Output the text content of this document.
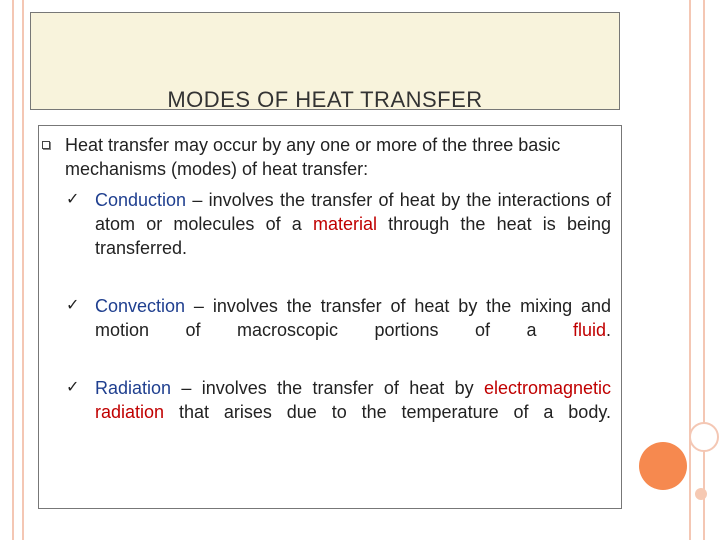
MODES OF HEAT TRANSFER
Heat transfer may occur by any one or more of the three basic mechanisms (modes) of heat transfer:
✓ Conduction – involves the transfer of heat by the interactions of atom or molecules of a material through the heat is being transferred.
✓ Convection – involves the transfer of heat by the mixing and motion of macroscopic portions of a fluid.
✓ Radiation – involves the transfer of heat by electromagnetic radiation that arises due to the temperature of a body.
